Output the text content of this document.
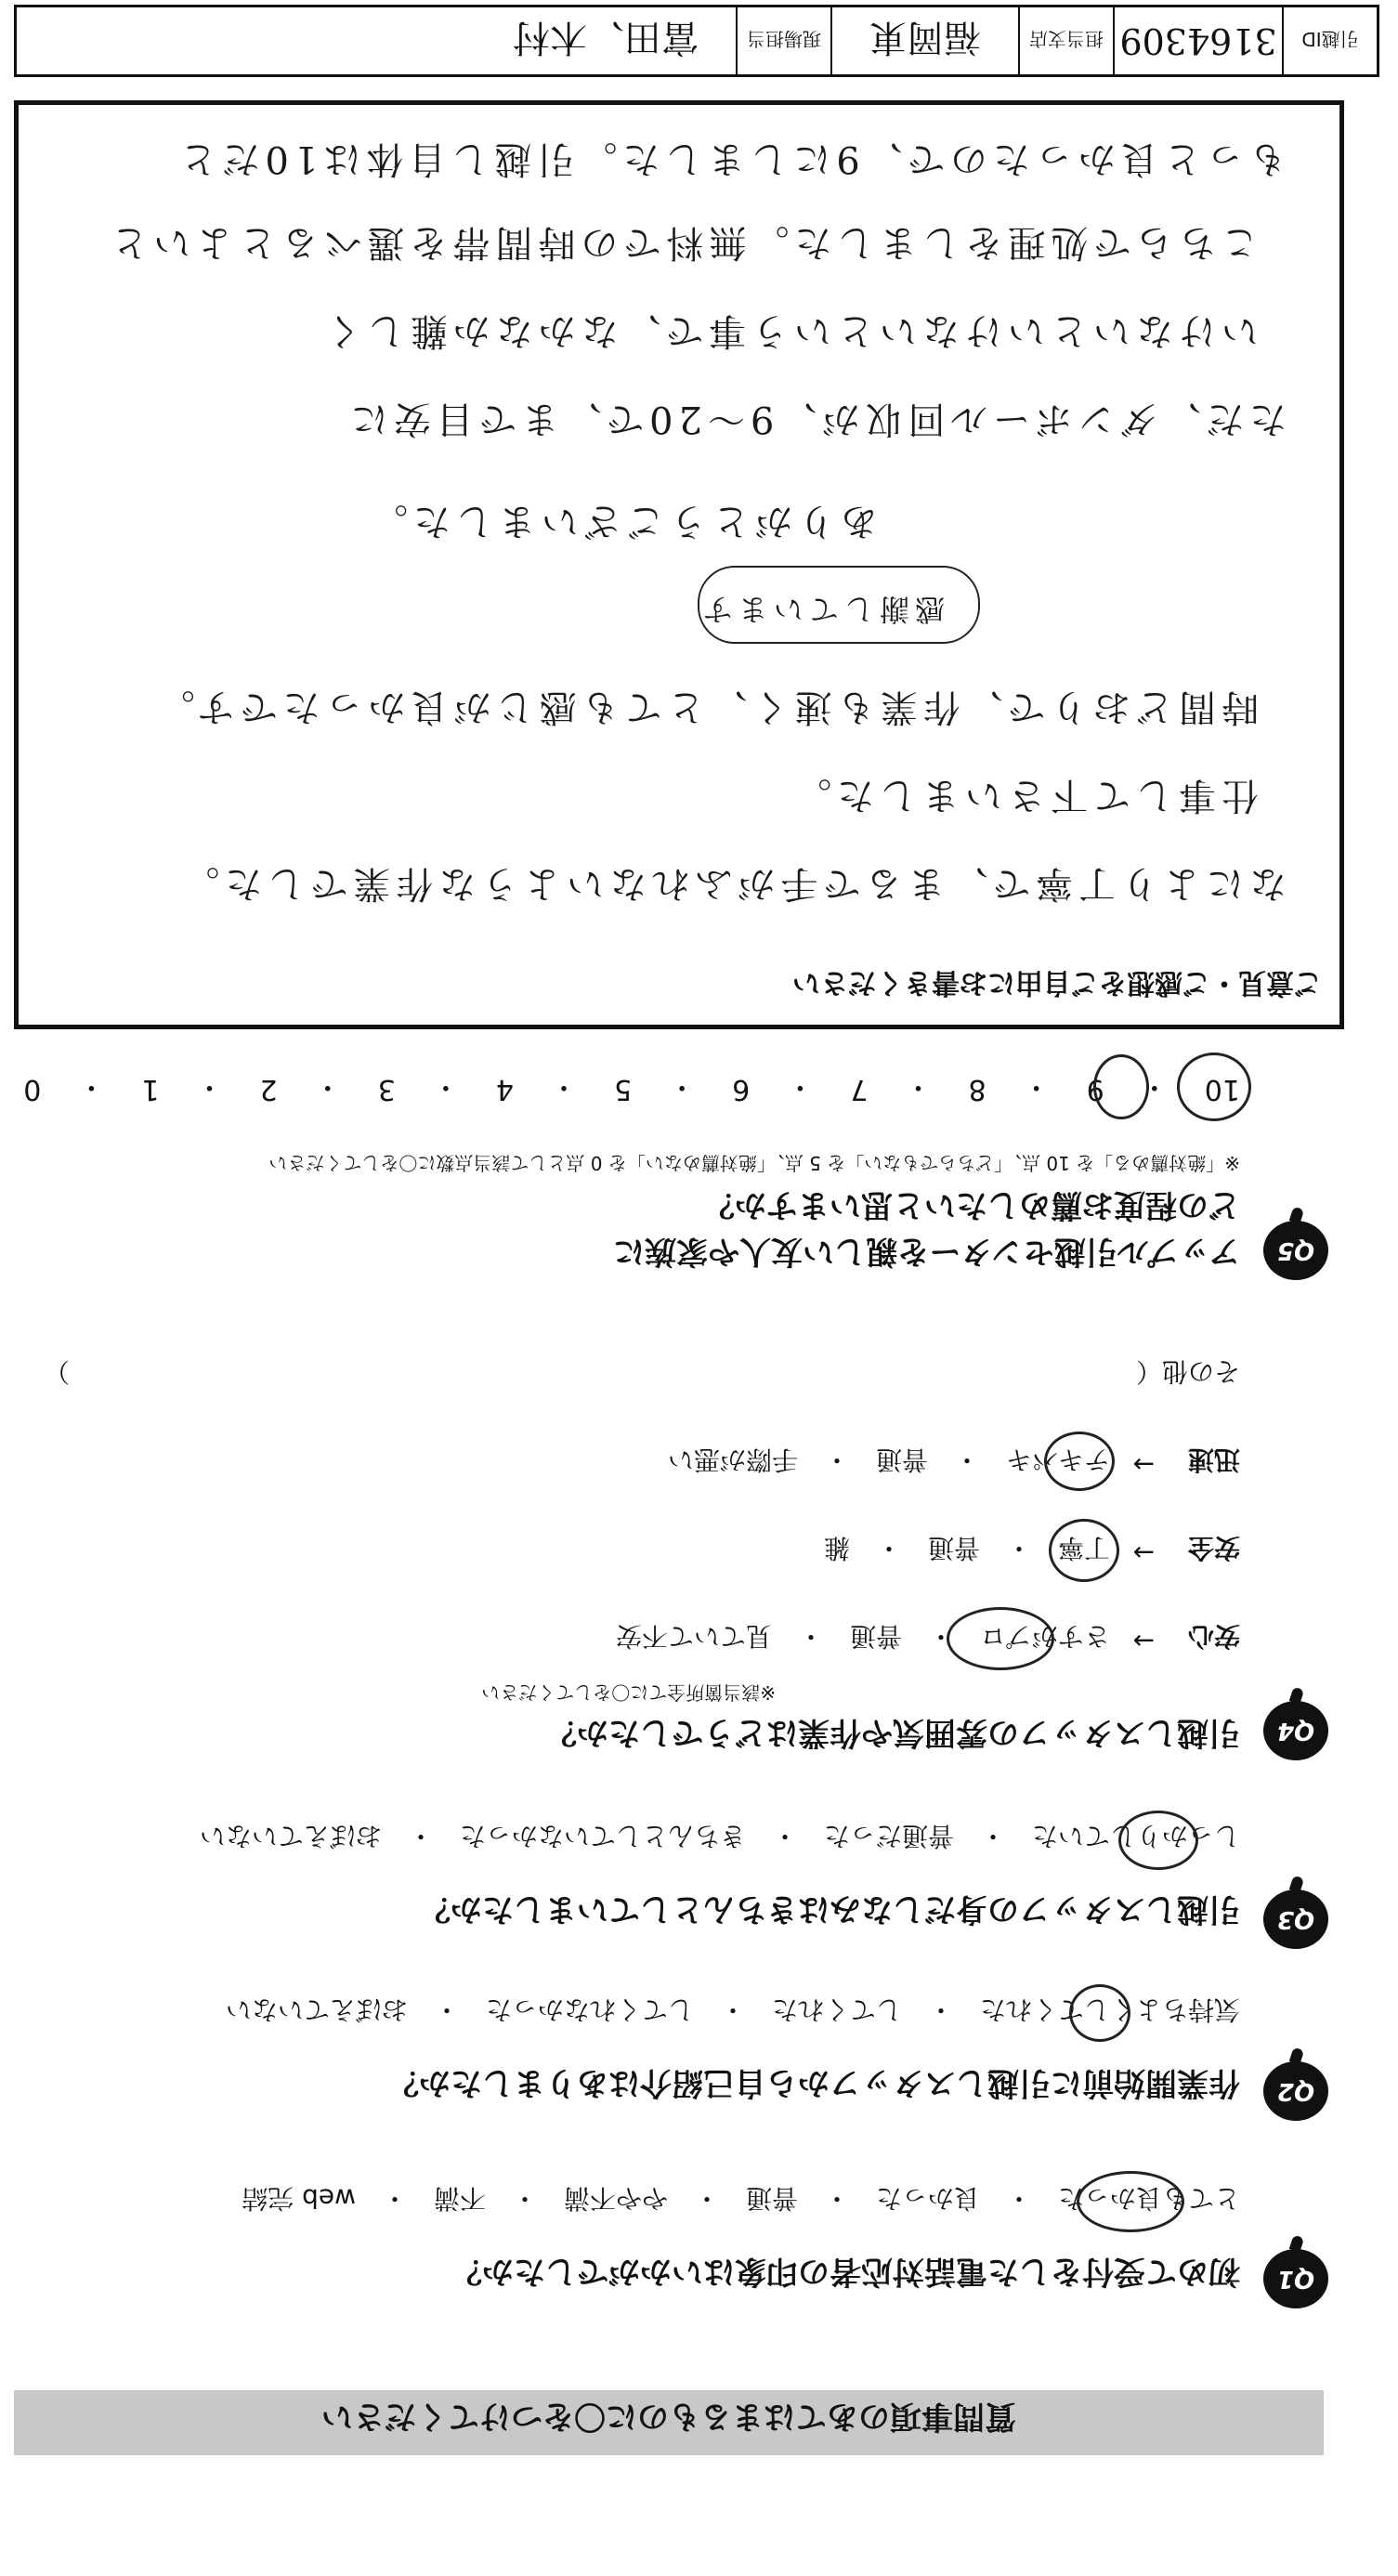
質問事項のあてはまるものに〇をつけてください
Q1
初めて受付をした電話対応者の印象はいかがでしたか？
とても良かった　・　良かった　・　普通　・　やや不満　・　不満　・　web 完結
Q2
作業開始前に引越しスタッフから自己紹介はありましたか？
気持ちよくしてくれた　・　してくれた　・　してくれなかった　・　おぼえていない
Q3
引越しスタッフの身だしなみはきちんとしていましたか？
しっかりしていた　・　普通だった　・　きちんとしていなかった　・　おぼえていない
Q4
引越しスタッフの雰囲気や作業はどうでしたか？
※該当箇所全てに〇をしてください
安心
→
さすがプロ　・　普通　・　見ていて不安
安全
→
丁寧　・　普通　・　雑
迅速
→
テキパキ　・　普通　・　手際が悪い
その他（
）
Q5
アップル引越センターを親しい友人や家族に
どの程度お薦めしたいと思いますか？
※「絶対薦める」を 10 点、「どちらでもない」を 5 点、「絶対薦めない」を 0 点として該当点数に〇をしてください
10
・
9
・
8
・
7
・
6
・
5
・
4
・
3
・
2
・
1
・
0
ご意見・ご感想をご自由にお書きください
なにより丁寧で、まるで手がふれないような作業でした。
仕事して下さいました。
時間どおりで、作業も速く、とても感じが良かったです。
感謝しています
ありがとうございました。
ただ、ダンボール回収が、9〜20で、まで目安に
いけないといけないという事で、なかなか難しく
こちらで処理をしました。無料での時間帯を選べるとよいと
もっと良かったので、9にしました。引越し自体は10だと
引越ID
3164309
担当支店
福岡東
現場担当
富田、木村
